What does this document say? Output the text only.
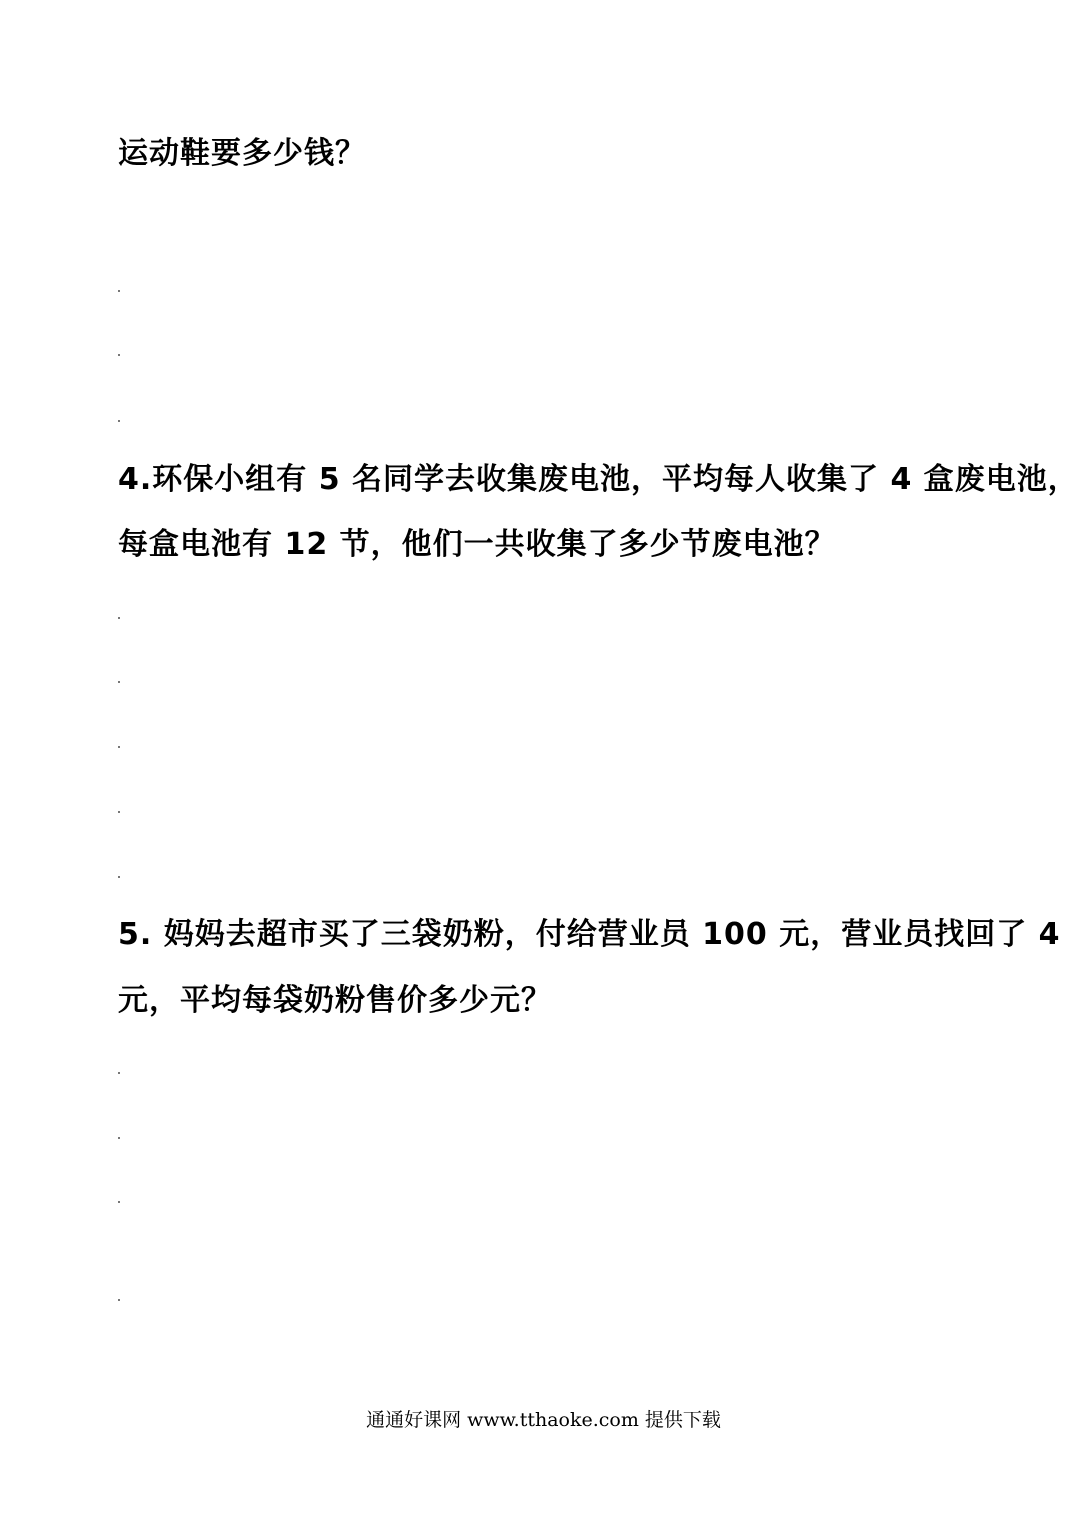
运动鞋要多少钱？
4.环保小组有 5 名同学去收集废电池，平均每人收集了 4 盒废电池，
每盒电池有 12 节，他们一共收集了多少节废电池？
5. 妈妈去超市买了三袋奶粉，付给营业员 100 元，营业员找回了 4
元，平均每袋奶粉售价多少元？
通通好课网 www.tthaoke.com 提供下载
